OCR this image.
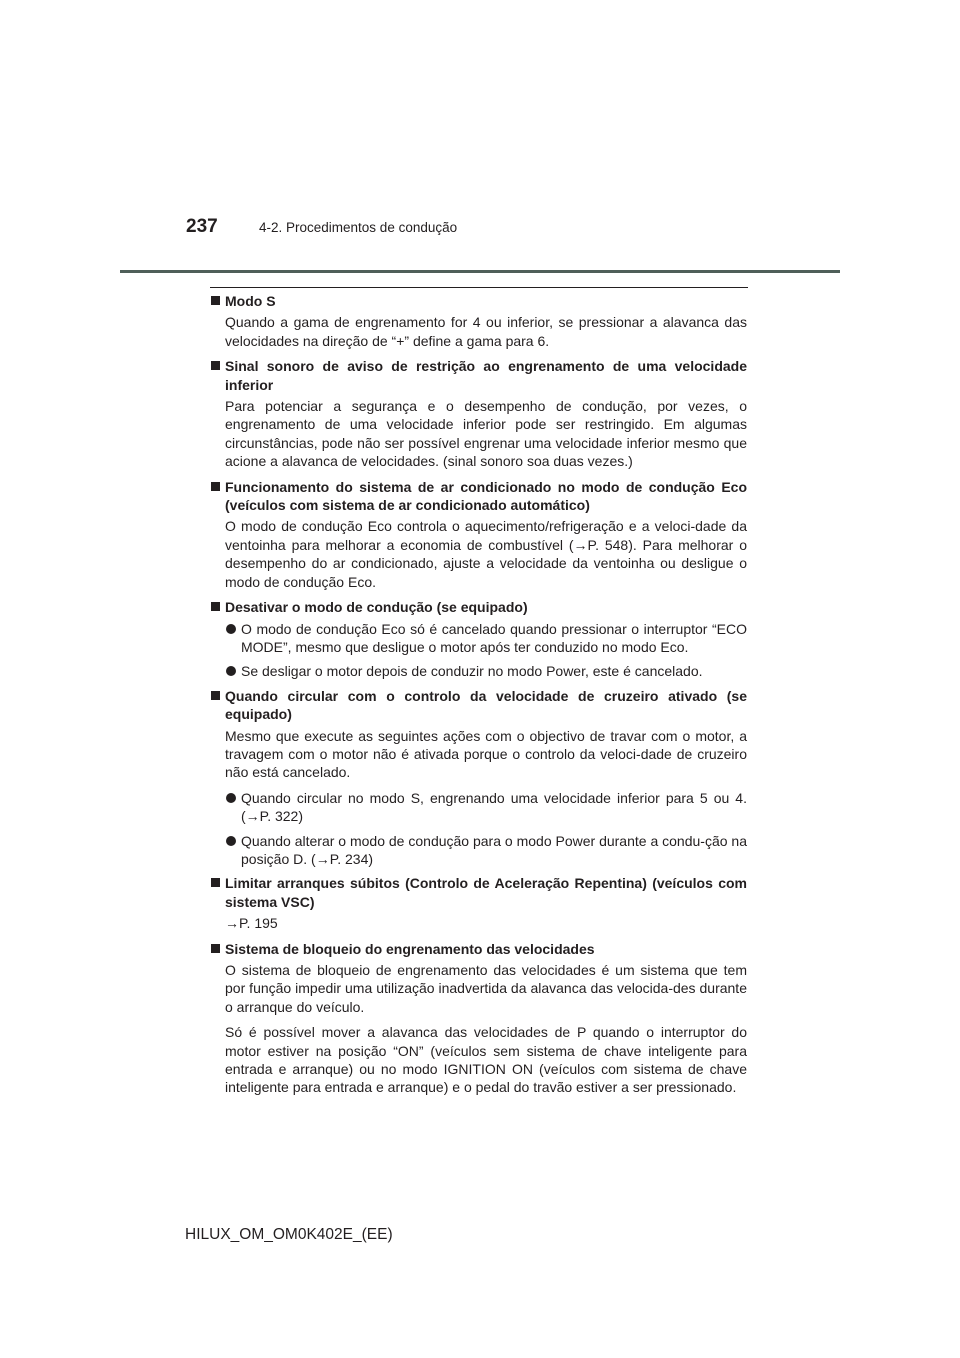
237	4-2. Procedimentos de condução
Modo S
Quando a gama de engrenamento for 4 ou inferior, se pressionar a alavanca das velocidades na direção de “+” define a gama para 6.
Sinal sonoro de aviso de restrição ao engrenamento de uma velocidade inferior
Para potenciar a segurança e o desempenho de condução, por vezes, o engrenamento de uma velocidade inferior pode ser restringido. Em algumas circunstâncias, pode não ser possível engrenar uma velocidade inferior mesmo que acione a alavanca de velocidades. (sinal sonoro soa duas vezes.)
Funcionamento do sistema de ar condicionado no modo de condução Eco (veículos com sistema de ar condicionado automático)
O modo de condução Eco controla o aquecimento/refrigeração e a veloci-dade da ventoinha para melhorar a economia de combustível (→P. 548). Para melhorar o desempenho do ar condicionado, ajuste a velocidade da ventoinha ou desligue o modo de condução Eco.
Desativar o modo de condução (se equipado)
O modo de condução Eco só é cancelado quando pressionar o interruptor “ECO MODE”, mesmo que desligue o motor após ter conduzido no modo Eco.
Se desligar o motor depois de conduzir no modo Power, este é cancelado.
Quando circular com o controlo da velocidade de cruzeiro ativado (se equipado)
Mesmo que execute as seguintes ações com o objectivo de travar com o motor, a travagem com o motor não é ativada porque o controlo da veloci-dade de cruzeiro não está cancelado.
Quando circular no modo S, engrenando uma velocidade inferior para 5 ou 4. (→P. 322)
Quando alterar o modo de condução para o modo Power durante a condu-ção na posição D. (→P. 234)
Limitar arranques súbitos (Controlo de Aceleração Repentina) (veículos com sistema VSC)
→P. 195
Sistema de bloqueio do engrenamento das velocidades
O sistema de bloqueio de engrenamento das velocidades é um sistema que tem por função impedir uma utilização inadvertida da alavanca das velocida-des durante o arranque do veículo.
Só é possível mover a alavanca das velocidades de P quando o interruptor do motor estiver na posição “ON” (veículos sem sistema de chave inteligente para entrada e arranque) ou no modo IGNITION ON (veículos com sistema de chave inteligente para entrada e arranque) e o pedal do travão estiver a ser pressionado.
HILUX_OM_OM0K402E_(EE)
